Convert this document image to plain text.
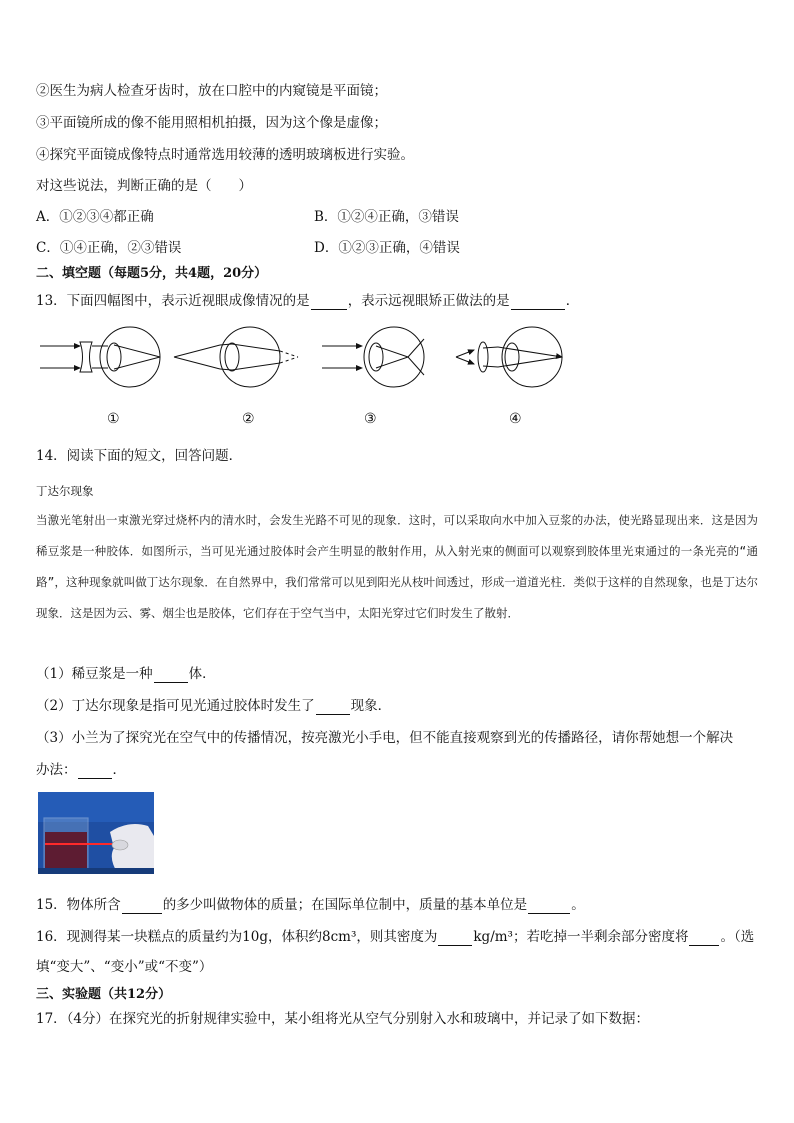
②医生为病人检查牙齿时，放在口腔中的内窥镜是平面镜；
③平面镜所成的像不能用照相机拍摄，因为这个像是虚像；
④探究平面镜成像特点时通常选用较薄的透明玻璃板进行实验。
对这些说法，判断正确的是（　　）
A．①②③④都正确	B．①②④正确，③错误
C．①④正确，②③错误	D．①②③正确，④错误
二、填空题（每题5分，共4题，20分）
13．下面四幅图中，表示近视眼成像情况的是	，表示远视眼矫正做法的是	．
①	②	③	④
14．阅读下面的短文，回答问题．
丁达尔现象
当激光笔射出一束激光穿过烧杯内的清水时，会发生光路不可见的现象．这时，可以采取向水中加入豆浆的办法，使光路显现出来．这是因为稀豆浆是一种胶体．如图所示，当可见光通过胶体时会产生明显的散射作用，从入射光束的侧面可以观察到胶体里光束通过的一条光亮的“通路”，这种现象就叫做丁达尔现象．在自然界中，我们常常可以见到阳光从枝叶间透过，形成一道道光柱．类似于这样的自然现象，也是丁达尔现象．这是因为云、雾、烟尘也是胶体，它们存在于空气当中，太阳光穿过它们时发生了散射．
（1）稀豆浆是一种	体．
（2）丁达尔现象是指可见光通过胶体时发生了	现象．
（3）小兰为了探究光在空气中的传播情况，按亮激光小手电，但不能直接观察到光的传播路径，请你帮她想一个解决
办法：	．
15．物体所含	的多少叫做物体的质量；在国际单位制中，质量的基本单位是	。
16．现测得某一块糕点的质量约为10g，体积约8cm³，则其密度为	kg/m³；若吃掉一半剩余部分密度将 。（选
填“变大”、“变小”或“不变”）
三、实验题（共12分）
17．（4分）在探究光的折射规律实验中，某小组将光从空气分别射入水和玻璃中，并记录了如下数据：
